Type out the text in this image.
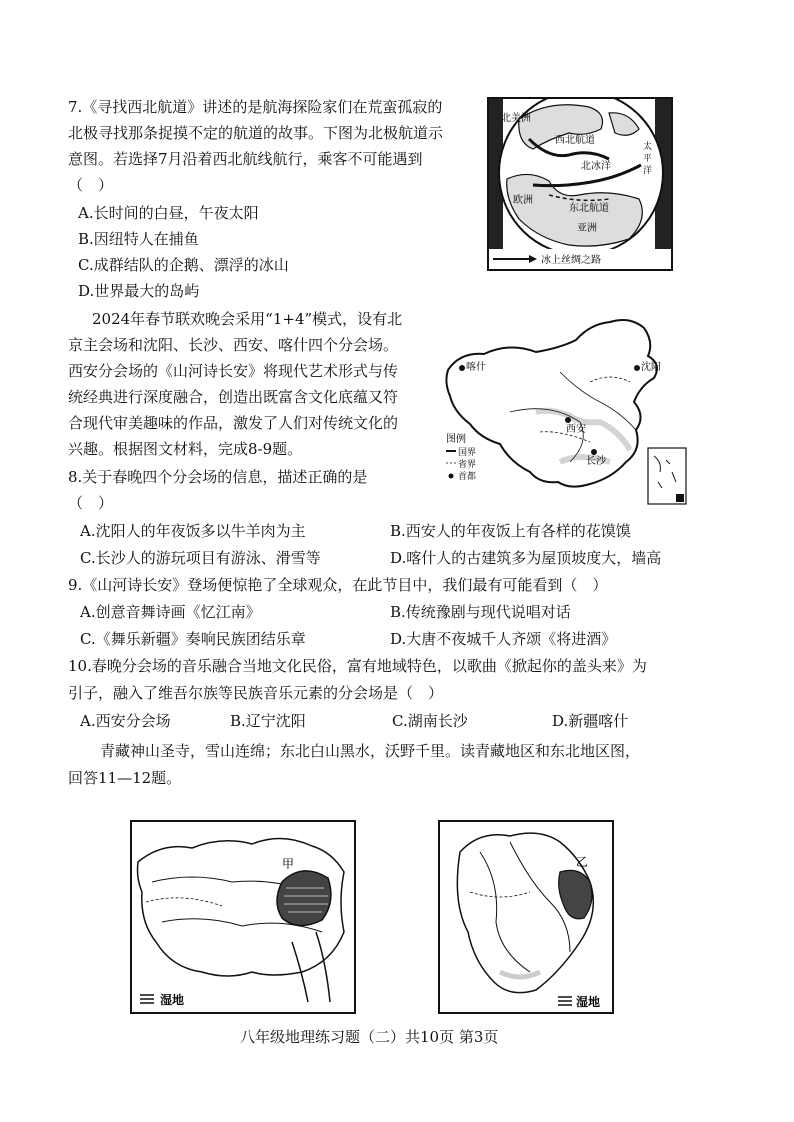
7.《寻找西北航道》讲述的是航海探险家们在荒蛮孤寂的
北极寻找那条捉摸不定的航道的故事。下图为北极航道示
意图。若选择7月沿着西北航线航行，乘客不可能遇到
（　）
A.长时间的白昼，午夜太阳
B.因纽特人在捕鱼
C.成群结队的企鹅、漂浮的冰山
D.世界最大的岛屿
北美洲
西北航道
北冰洋
欧洲
东北航道
亚洲
太
平
洋
冰上丝绸之路
2024年春节联欢晚会采用“1+4”模式，设有北
京主会场和沈阳、长沙、西安、喀什四个分会场。
西安分会场的《山河诗长安》将现代艺术形式与传
统经典进行深度融合，创造出既富含文化底蕴又符
合现代审美趣味的作品，激发了人们对传统文化的
兴趣。根据图文材料，完成8-9题。
喀什	沈阳
西安
长沙
图例
国界
省界
首都
8.关于春晚四个分会场的信息，描述正确的是
（　）
A.沈阳人的年夜饭多以牛羊肉为主	B.西安人的年夜饭上有各样的花馍馍
C.长沙人的游玩项目有游泳、滑雪等	D.喀什人的古建筑多为屋顶坡度大，墙高
9.《山河诗长安》登场便惊艳了全球观众，在此节目中，我们最有可能看到（　）
A.创意音舞诗画《忆江南》	B.传统豫剧与现代说唱对话
C.《舞乐新疆》奏响民族团结乐章	D.大唐不夜城千人齐颂《将进酒》
10.春晚分会场的音乐融合当地文化民俗，富有地域特色，以歌曲《掀起你的盖头来》为
引子，融入了维吾尔族等民族音乐元素的分会场是（　）
A.西安分会场	B.辽宁沈阳	C.湖南长沙	D.新疆喀什
青藏神山圣寺，雪山连绵；东北白山黑水，沃野千里。读青藏地区和东北地区图，
回答11—12题。
甲
湿地
乙
湿地
八年级地理练习题（二）共10页 第3页
